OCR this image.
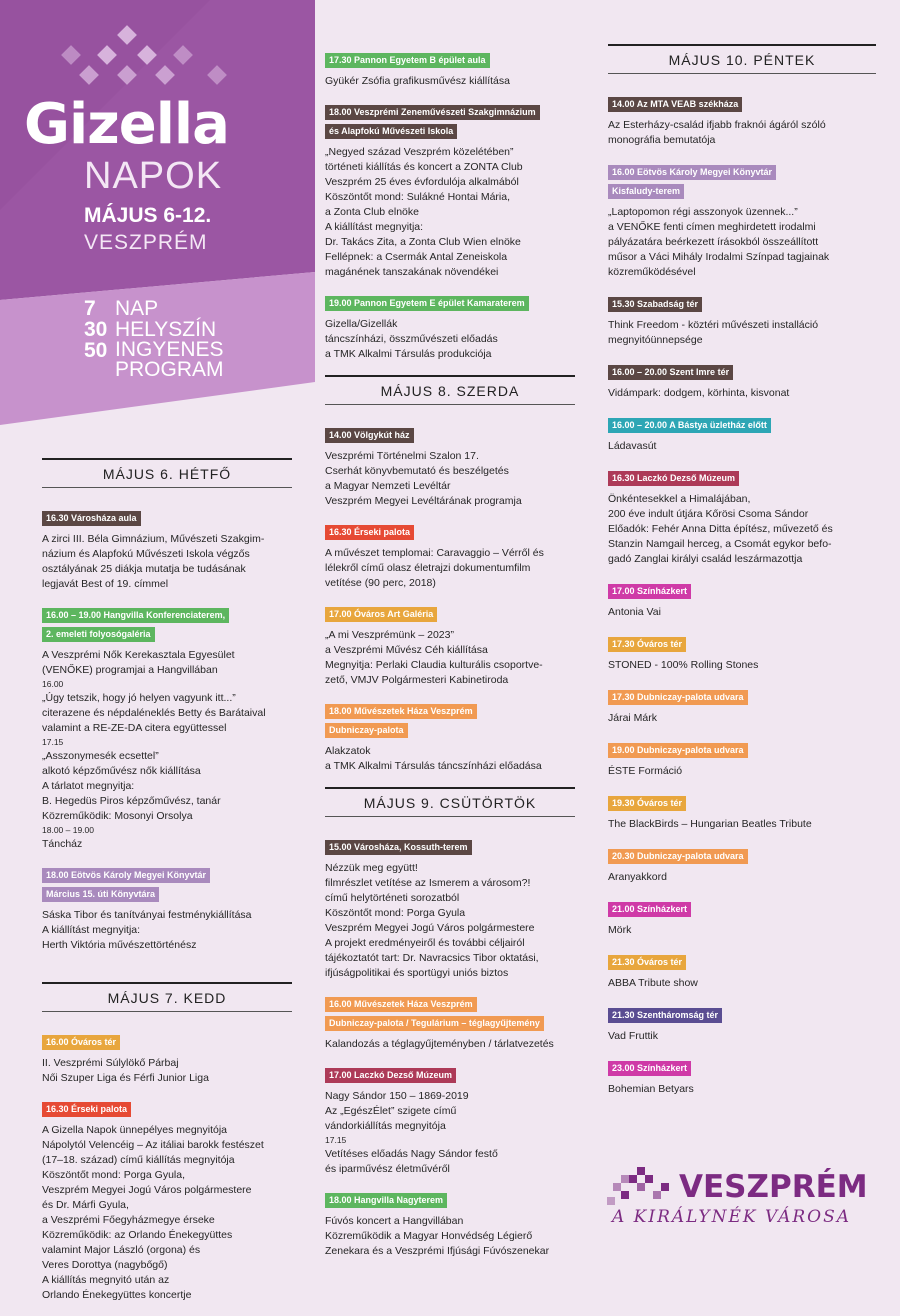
Gizella
NAPOK
MÁJUS 6-12.
VESZPRÉM
7 NAP
30 HELYSZÍN
50 INGYENES
PROGRAM
MÁJUS 6. HÉTFŐ
16.30 Városháza aula

A zirci III. Béla Gimnázium, Művészeti Szakgim-
názium és Alapfokú Művészeti Iskola végzős
osztályának 25 diákja mutatja be tudásának
legjavát Best of 19. címmel
16.00 – 19.00 Hangvilla Konferenciaterem,
2. emeleti folyosógaléria

A Veszprémi Nők Kerekasztala Egyesület
(VENŐKE) programjai a Hangvillában
16.00
„Úgy tetszik, hogy jó helyen vagyunk itt...”
citerazene és népdaléneklés Betty és Barátaival
valamint a RE-ZE-DA citera együttessel
17.15
„Asszonymesék ecsettel”
alkotó képzőművész nők kiállítása
A tárlatot megnyitja:
B. Hegedüs Piros képzőművész, tanár
Közreműködik: Mosonyi Orsolya
18.00 – 19.00
Táncház
18.00 Eötvös Károly Megyei Könyvtár
Március 15. úti Könyvtára

Sáska Tibor és tanítványai festménykiállítása
A kiállítást megnyitja:
Herth Viktória művészettörténész
MÁJUS 7. KEDD
16.00 Óváros tér

II. Veszprémi Súlylökő Párbaj
Női Szuper Liga és Férfi Junior Liga
16.30 Érseki palota

A Gizella Napok ünnepélyes megnyitója
Nápolytól Velencéig – Az itáliai barokk festészet
(17–18. század) című kiállítás megnyitója
Köszöntőt mond: Porga Gyula,
Veszprém Megyei Jogú Város polgármestere
és Dr. Márfi Gyula,
a Veszprémi Főegyházmegye érseke
Közreműködik: az Orlando Énekegyüttes
valamint Major László (orgona) és
Veres Dorottya (nagybőgő)
A kiállítás megnyitó után az
Orlando Énekegyüttes koncertje
17.30 Pannon Egyetem B épület aula

Gyükér Zsófia grafikusművész kiállítása
18.00 Veszprémi Zeneművészeti Szakgimnázium
és Alapfokú Művészeti Iskola

„Negyed század Veszprém közelétében”
történeti kiállítás és koncert a ZONTA Club
Veszprém 25 éves évfordulója alkalmából
Köszöntőt mond: Sulákné Hontai Mária,
a Zonta Club elnöke
A kiállítást megnyitja:
Dr. Takács Zita, a Zonta Club Wien elnöke
Fellépnek: a Csermák Antal Zeneiskola
magánének tanszakának növendékei
19.00 Pannon Egyetem E épület Kamaraterem

Gizella/Gizellák
táncszínházi, összművészeti előadás
a TMK Alkalmi Társulás produkciója
MÁJUS 8. SZERDA
14.00 Völgykút ház

Veszprémi Történelmi Szalon 17.
Cserhát könyvbemutató és beszélgetés
a Magyar Nemzeti Levéltár
Veszprém Megyei Levéltárának programja
16.30 Érseki palota

A művészet templomai: Caravaggio – Vérről és
lélekről című olasz életrajzi dokumentumfilm
vetítése (90 perc, 2018)
17.00 Óváros Art Galéria

„A mi Veszprémünk – 2023”
a Veszprémi Művész Céh kiállítása
Megnyitja: Perlaki Claudia kulturális csoportve-
zető, VMJV Polgármesteri Kabinetiroda
18.00 Művészetek Háza Veszprém
Dubniczay-palota

Alakzatok
a TMK Alkalmi Társulás táncszínházi előadása
MÁJUS 9. CSÜTÖRTÖK
15.00 Városháza, Kossuth-terem

Nézzük meg együtt!
filmrészlet vetítése az Ismerem a városom?!
című helytörténeti sorozatból
Köszöntőt mond: Porga Gyula
Veszprém Megyei Jogú Város polgármestere
A projekt eredményeiről és további céljairól
tájékoztatót tart: Dr. Navracsics Tibor oktatási,
ifjúságpolitikai és sportügyi uniós biztos
16.00 Művészetek Háza Veszprém
Dubniczay-palota / Tegulárium – téglagyűjtemény

Kalandozás a téglagyűjteményben / tárlatvezetés
17.00 Laczkó Dezső Múzeum

Nagy Sándor 150 – 1869-2019
Az „EgészÉlet” szigete című
vándorkiállítás megnyitója
17.15
Vetítéses előadás Nagy Sándor festő
és iparművész életművéről
18.00 Hangvilla Nagyterem

Fúvós koncert a Hangvillában
Közreműködik a Magyar Honvédség Légierő
Zenekara és a Veszprémi Ifjúsági Fúvószenekar
MÁJUS 10. PÉNTEK
14.00 Az MTA VEAB székháza

Az Esterházy-család ifjabb fraknói ágáról szóló
monográfia bemutatója
16.00 Eötvös Károly Megyei Könyvtár
Kisfaludy-terem

„Laptopomon régi asszonyok üzennek...”
a VENŐKE fenti címen meghirdetett irodalmi
pályázatára beérkezett írásokból összeállított
műsor a Váci Mihály Irodalmi Színpad tagjainak
közreműködésével
15.30 Szabadság tér

Think Freedom - köztéri művészeti installáció
megnyitóünnepsége
16.00 – 20.00 Szent Imre tér

Vidámpark: dodgem, körhinta, kisvonat
16.00 – 20.00 A Bástya üzletház előtt

Ládavasút
16.30 Laczkó Dezső Múzeum

Önkéntesekkel a Himalájában,
200 éve indult útjára Kőrösi Csoma Sándor
Előadók: Fehér Anna Ditta építész, művezető és
Stanzin Namgail herceg, a Csomát egykor befo-
gadó Zanglai királyi család leszármazottja
17.00 Színházkert

Antonia Vai
17.30 Óváros tér

STONED - 100% Rolling Stones
17.30 Dubniczay-palota udvara

Járai Márk
19.00 Dubniczay-palota udvara

ÉSTE Formáció
19.30 Óváros tér

The BlackBirds – Hungarian Beatles Tribute
20.30 Dubniczay-palota udvara

Aranyakkord
21.00 Színházkert

Mörk
21.30 Óváros tér

ABBA Tribute show
21.30 Szentháromság tér

Vad Fruttik
23.00 Színházkert

Bohemian Betyars
VESZPRÉM
A KIRÁLYNÉK VÁROSA
